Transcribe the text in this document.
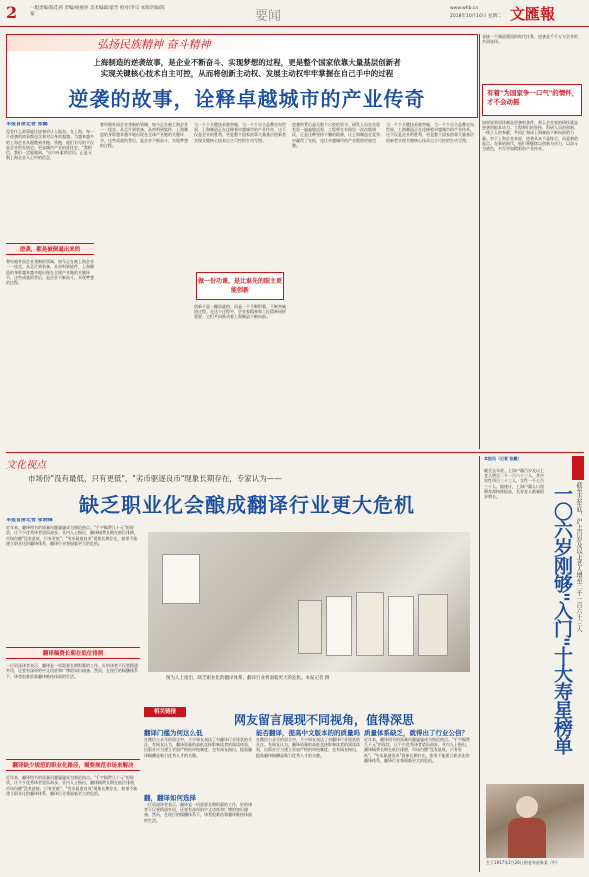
2	一版责编/陈佳莉 责编/杨展亮 美术编辑/翟芳 校对/李宗 本版责编/陈 秦	要闻
www.whb.cn
2018年10月16日 星期二 文匯報
弘扬民族精神 奋斗精神
上海制造的逆袭故事，是企业不断奋斗、实现梦想的过程，更是整个国家依靠大量基层创新者
实现关键核心技术自主可控，从而将创新主动权、发展主动权牢牢掌握在自己手中的过程
逆袭的故事，诠释卓越城市的产业传奇
承接一个制造强国的时代任务，逆袭是千千万万企业的共同选择。
有着"为国家争一口气"的情怀，才不会动摇
如果说举国体制是逆袭的条件，那么企业家的情怀就是逆袭的根本动力。工程师们的坚持、科研人员的创新、一线工人的奉献，共同汇聚成上海制造不断向前的力量。对于上海企业来说，逆袭从来不是终点，而是新的起点。在新的时代，他们将继续以创新为动力，以奋斗为底色，书写更加精彩的产业传奇。
本报首席记者 张懿
没有什么故事能比逆袭更让人振奋。在上海，每一个逆袭的故事都包含着对自身的超越。当越来越多的上海企业从跟跑到并跑、领跑，他们书写的不仅是企业的发展史，更是城市产业的进化史。"我相信，我们一定能做到。"这句朴素的话语，正是无数上海企业人心中的信念。
逆袭，都是被倒逼出来的
曾经被外国企业垄断的领域，如今正在被上海企业一一攻克。从芯片到装备，从材料到软件，上海制造的身影越来越多地出现在全球产业链的关键环节。这些成就的背后，是企业不断奋斗、实现梦想的过程。
曾经被外国企业垄断的领域，如今正在被上海企业一一攻克。从芯片到装备，从材料到软件，上海制造的身影越来越多地出现在全球产业链的关键环节。这些成就的背后，是企业不断奋斗、实现梦想的过程。
当一个个关键技术被突破，当一个个自主品牌走向世界，上海制造正在诠释着卓越城市的产业传奇。这不仅是企业的胜利，更是整个国家依靠大量基层创新者实现关键核心技术自主可控的生动写照。
做一份功课，是比谁先的眼主更能创新
创新不是一蹴而就的，而是一个不断积累、不断突破的过程。在这个过程中，企业家精神和工匠精神同样重要，它们共同推动着上海制造不断向前。
逆袭的背后是无数个日夜的坚守。研发人员在实验室里一遍遍地试验，工程师在车间里一次次地调试，正是这种坚持不懈的精神，让上海制造在竞争中赢得了先机，也让卓越城市的产业版图更加完整。
当一个个关键技术被突破，当一个个自主品牌走向世界，上海制造正在诠释着卓越城市的产业传奇。这不仅是企业的胜利，更是整个国家依靠大量基层创新者实现关键核心技术自主可控的生动写照。
文化视点
市场份"没有最低，只有更低"，"劣币驱逐良币"现象长期存在，专家认为——
缺乏职业化会酿成翻译行业更大危机
本报首席记者 张晓锋
近年来，翻译图书的质量问题屡屡成为舆论热点。"千字稿费几十元"的现状，让不少优秀译者望而却步。业内人士指出，翻译稿费长期在低位徘徊，市场份额"没有最低，只有更低"，"劣币驱逐良币"现象长期存在。如果不能建立职业化的翻译体系，翻译行业将面临更大的危机。
翻译稿费长期在低位徘徊
一位资深译者表示，翻译是一项需要长期积累的工作，好的译者不仅要精通外语，还要有深厚的中文功底和广博的知识储备。然而，在现行的稿酬体系下，译者很难依靠翻译维持体面的生活。
翻译缺少规范的职业化路径，需要规范市场来解决
近年来，翻译图书的质量问题屡屡成为舆论热点。"千字稿费几十元"的现状，让不少优秀译者望而却步。业内人士指出，翻译稿费长期在低位徘徊，市场份额"没有最低，只有更低"，"劣币驱逐良币"现象长期存在。如果不能建立职业化的翻译体系，翻译行业将面临更大的危机。
图为人士指出，缺乏职业化的翻译体系，翻译行业将面临更大的危机。本报记者 摄
相关链接
网友留言展现不同视角，值得深思
翻译门槛为何这么低
在微信公众号的留言中，不少网友表达了对翻译行业现状的关注。有网友认为，翻译质量的高低直接影响读者的阅读体验，出版社应当建立更加严格的审校制度；也有网友指出，提高翻译稿酬是吸引优秀人才的关键。
翻，翻译如何选择
一位资深译者表示，翻译是一项需要长期积累的工作，好的译者不仅要精通外语，还要有深厚的中文功底和广博的知识储备。然而，在现行的稿酬体系下，译者很难依靠翻译维持体面的生活。
能否翻译，提高中文版本的的质量吗
在微信公众号的留言中，不少网友表达了对翻译行业现状的关注。有网友认为，翻译质量的高低直接影响读者的阅读体验，出版社应当建立更加严格的审校制度；也有网友指出，提高翻译稿酬是吸引优秀人才的关键。
质量体系缺乏，就得出了行业公信？
近年来，翻译图书的质量问题屡屡成为舆论热点。"千字稿费几十元"的现状，让不少优秀译者望而却步。业内人士指出，翻译稿费长期在低位徘徊，市场份额"没有最低，只有更低"，"劣币驱逐良币"现象长期存在。如果不能建立职业化的翻译体系，翻译行业将面临更大的危机。
截至去年底，沪上百岁及以上老人增至二千一百六十三人
一〇六岁刚够"入门"十大寿星榜单
本报讯（记者 张鹏）
截至去年底，上海户籍百岁及以上老人增至二千一百六十三人，其中男性四百三十三人，女性一千七百三十人。据统计，上海户籍人口预期寿命持续提高，长寿老人数量稳步增长。
生于1917年2月26日的老寿星陈某（中）
